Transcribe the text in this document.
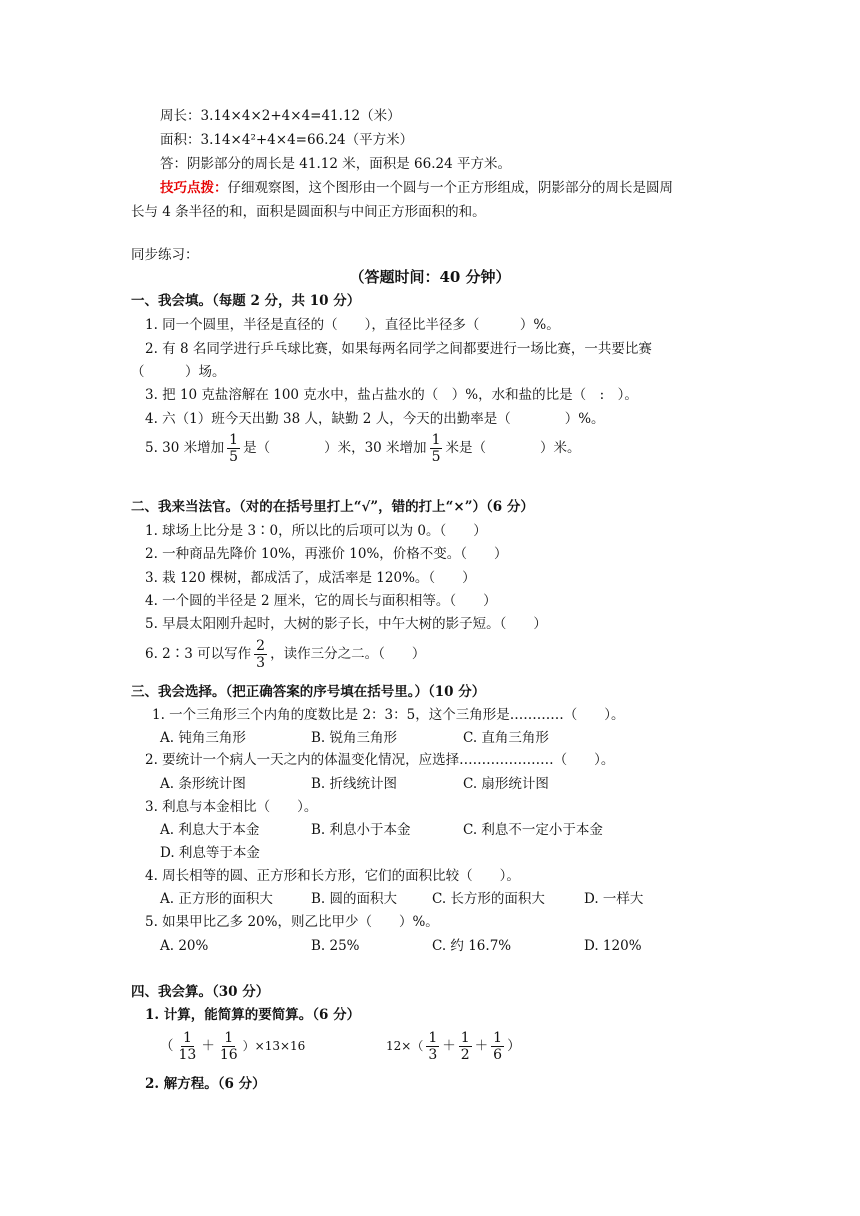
周长：3.14×4×2+4×4=41.12（米）
面积：3.14×4²+4×4=66.24（平方米）
答：阴影部分的周长是 41.12 米，面积是 66.24 平方米。
技巧点拨：仔细观察图，这个图形由一个圆与一个正方形组成，阴影部分的周长是圆周
长与 4 条半径的和，面积是圆面积与中间正方形面积的和。
同步练习：
（答题时间：40 分钟）
一、我会填。（每题 2 分，共 10 分）
1. 同一个圆里，半径是直径的（　　），直径比半径多（　　　）%。
2. 有 8 名同学进行乒乓球比赛，如果每两名同学之间都要进行一场比赛，一共要比赛
（　　　）场。
3. 把 10 克盐溶解在 100 克水中，盐占盐水的（　）%，水和盐的比是（　:　）。
4. 六（1）班今天出勤 38 人，缺勤 2 人，今天的出勤率是（　　　　）%。
5. 30 米增加 $\frac{1}{5}$ 是（　　　　）米，30 米增加 $\frac{1}{5}$ 米是（　　　　）米。
二、我来当法官。（对的在括号里打上“√”，错的打上“×”）（6 分）
1. 球场上比分是 3∶0，所以比的后项可以为 0。（　　）
2. 一种商品先降价 10%，再涨价 10%，价格不变。（　　）
3. 栽 120 棵树，都成活了，成活率是 120%。（　　）
4. 一个圆的半径是 2 厘米，它的周长与面积相等。（　　）
5. 早晨太阳刚升起时，大树的影子长，中午大树的影子短。（　　）
6. 2∶3 可以写作 $\frac{2}{3}$ ，读作三分之二。（　　）
三、我会选择。（把正确答案的序号填在括号里。）（10 分）
1. 一个三角形三个内角的度数比是 2：3：5，这个三角形是…………（　　）。
A. 钝角三角形	B. 锐角三角形	C. 直角三角形
2. 要统计一个病人一天之内的体温变化情况，应选择…………………（　　）。
A. 条形统计图	B. 折线统计图	C. 扇形统计图
3. 利息与本金相比（　　）。
A. 利息大于本金	B. 利息小于本金	C. 利息不一定小于本金
D. 利息等于本金
4. 周长相等的圆、正方形和长方形，它们的面积比较（　　）。
A. 正方形的面积大	B. 圆的面积大	C. 长方形的面积大	D. 一样大
5. 如果甲比乙多 20%，则乙比甲少（　　）%。
A. 20%	B. 25%	C. 约 16.7%	D. 120%
四、我会算。（30 分）
1. 计算，能简算的要简算。（6 分）
（ $\frac{1}{13} + \frac{1}{16} )\times 13\times 16$	$12\times( \frac{1}{3} + \frac{1}{2} + \frac{1}{6}$ ）
2. 解方程。（6 分）
